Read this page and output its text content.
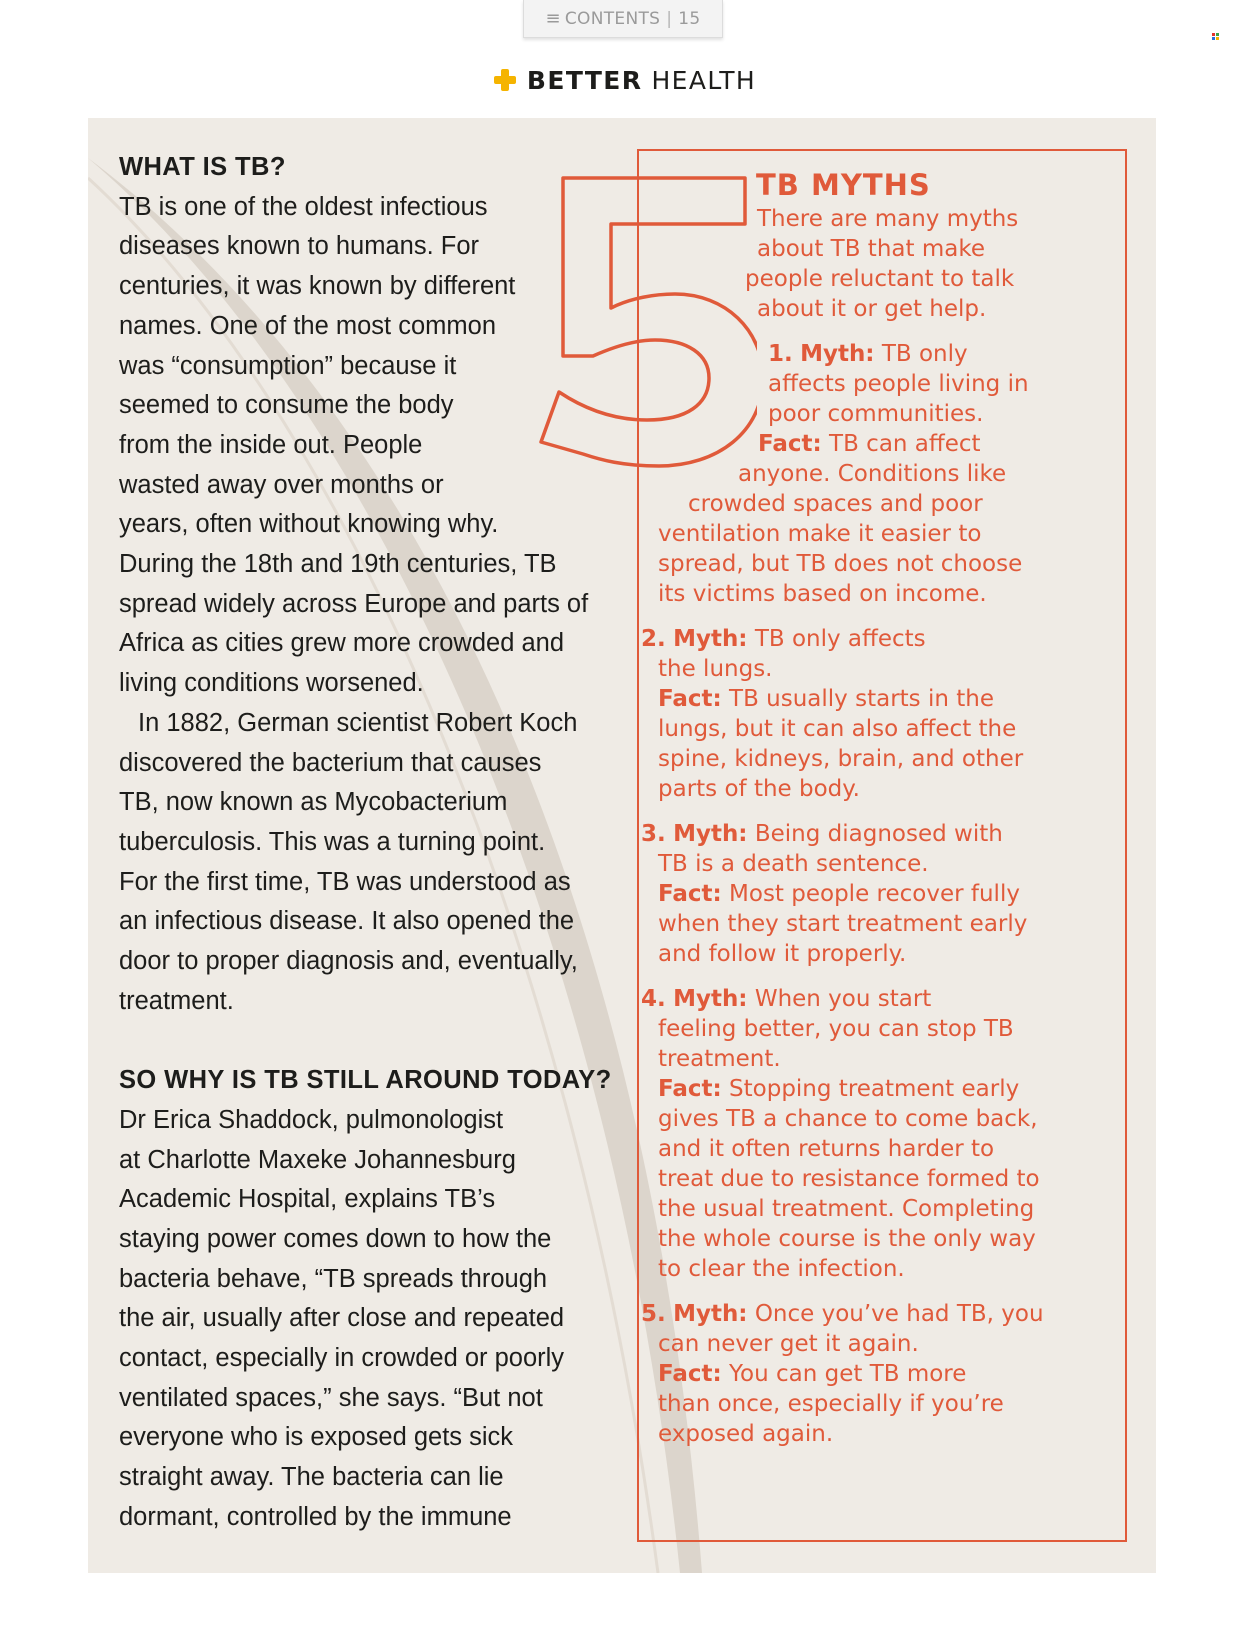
≡ CONTENTS | 15
BETTER HEALTH
WHAT IS TB?

TB is one of the oldest infectious
diseases known to humans. For
centuries, it was known by different
names. One of the most common
was “consumption” because it
seemed to consume the body
from the inside out. People
wasted away over months or
years, often without knowing why.
During the 18th and 19th centuries, TB
spread widely across Europe and parts of
Africa as cities grew more crowded and
living conditions worsened.

In 1882, German scientist Robert Koch
discovered the bacterium that causes
TB, now known as Mycobacterium
tuberculosis. This was a turning point.
For the first time, TB was understood as
an infectious disease. It also opened the
door to proper diagnosis and, eventually,
treatment.

SO WHY IS TB STILL AROUND TODAY?

Dr Erica Shaddock, pulmonologist
at Charlotte Maxeke Johannesburg
Academic Hospital, explains TB’s
staying power comes down to how the
bacteria behave, “TB spreads through
the air, usually after close and repeated
contact, especially in crowded or poorly
ventilated spaces,” she says. “But not
everyone who is exposed gets sick
straight away. The bacteria can lie
dormant, controlled by the immune

5	TB MYTHS
There are many myths
about TB that make
people reluctant to talk
about it or get help.
1. Myth: TB only
affects people living in
poor communities.
Fact: TB can affect
anyone. Conditions like
crowded spaces and poor
ventilation make it easier to
spread, but TB does not choose
its victims based on income.
2. Myth: TB only affects
the lungs.
Fact: TB usually starts in the
lungs, but it can also affect the
spine, kidneys, brain, and other
parts of the body.
3. Myth: Being diagnosed with
TB is a death sentence.
Fact: Most people recover fully
when they start treatment early
and follow it properly.
4. Myth: When you start
feeling better, you can stop TB
treatment.
Fact: Stopping treatment early
gives TB a chance to come back,
and it often returns harder to
treat due to resistance formed to
the usual treatment. Completing
the whole course is the only way
to clear the infection.
5. Myth: Once you’ve had TB, you
can never get it again.
Fact: You can get TB more
than once, especially if you’re
exposed again.
